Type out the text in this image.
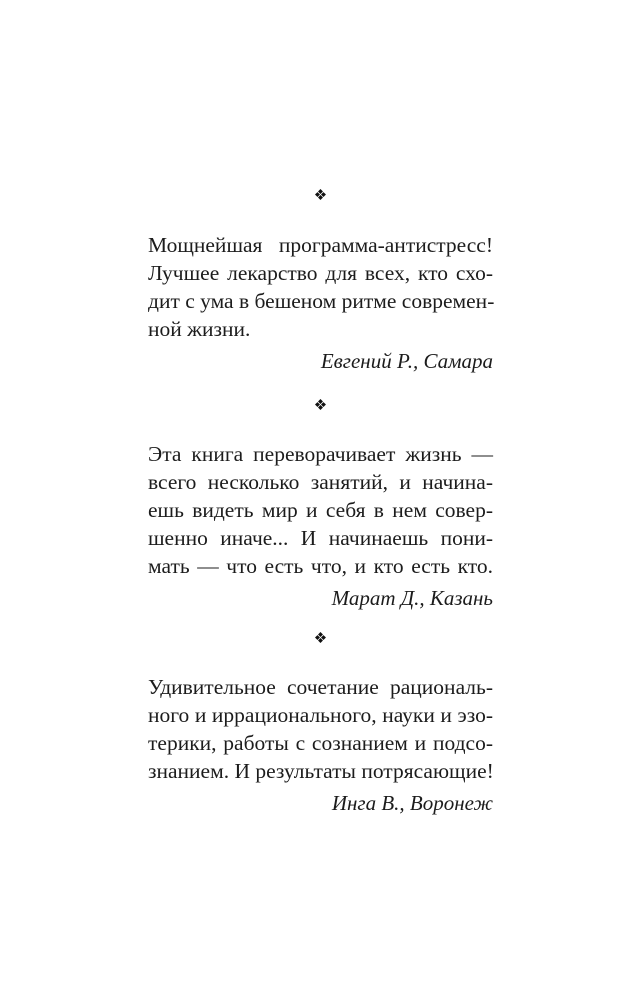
❖
Мощнейшая программа-антистресс!
Лучшее лекарство для всех, кто схо-
дит с ума в бешеном ритме современ-
ной жизни.
Евгений Р., Самара
❖
Эта книга переворачивает жизнь —
всего несколько занятий, и начина-
ешь видеть мир и себя в нем совер-
шенно иначе... И начинаешь пони-
мать — что есть что, и кто есть кто.
Марат Д., Казань
❖
Удивительное сочетание рациональ-
ного и иррационального, науки и эзо-
терики, работы с сознанием и подсо-
знанием. И результаты потрясающие!
Инга В., Воронеж
